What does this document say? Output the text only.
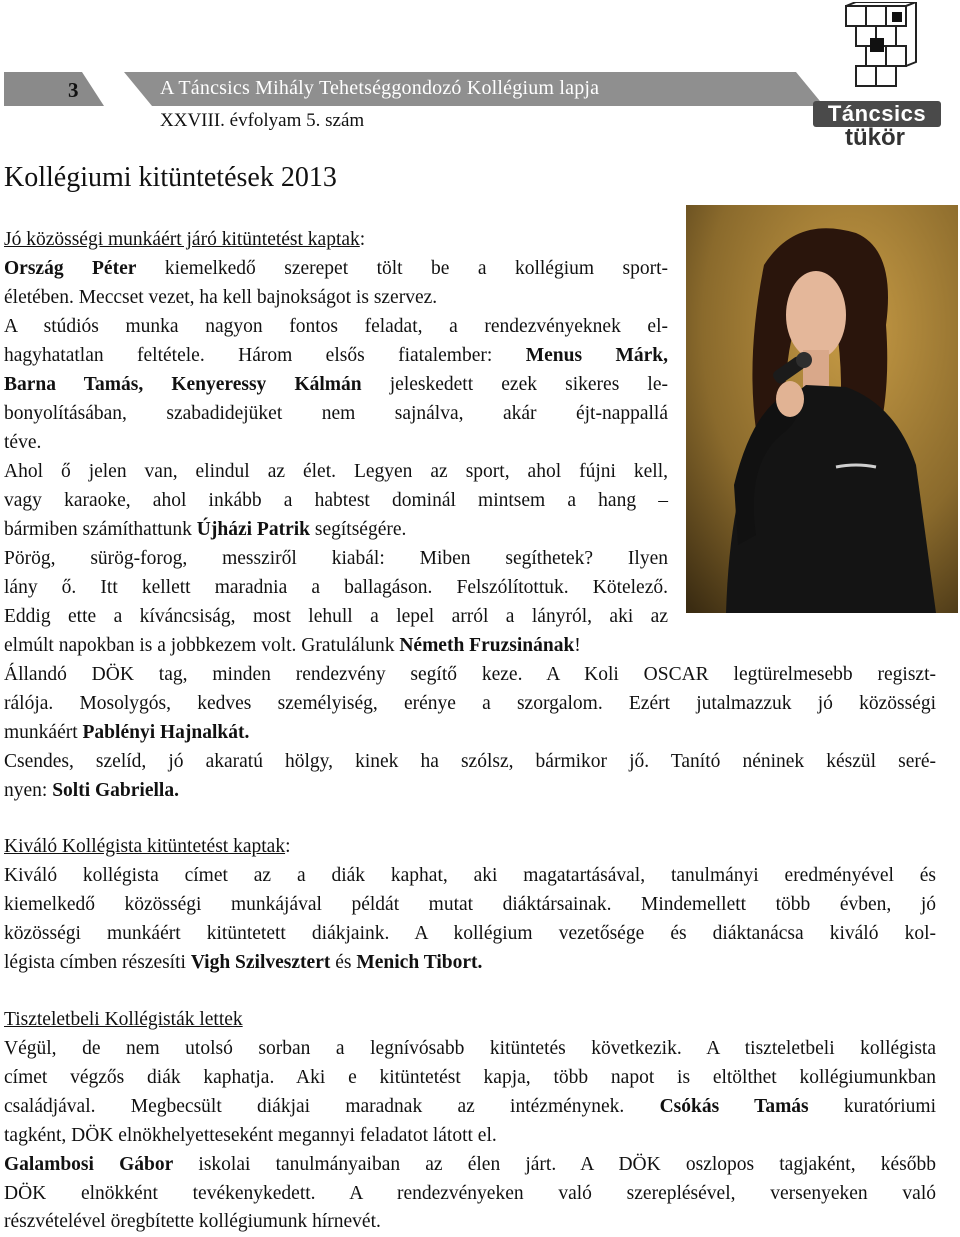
3	A Táncsics Mihály Tehetséggondozó Kollégium lapja
XXVIII. évfolyam 5. szám	Táncsics
tükör
Kollégiumi kitüntetések 2013
Jó közösségi munkáért járó kitüntetést kaptak:
Ország Péter kiemelkedő szerepet tölt be a kollégium sport-
életében. Meccset vezet, ha kell bajnokságot is szervez.
A stúdiós munka nagyon fontos feladat, a rendezvényeknek el-
hagyhatatlan feltétele. Három elsős fiatalember: Menus Márk,
Barna Tamás, Kenyeressy Kálmán jeleskedett ezek sikeres le-
bonyolításában, szabadidejüket nem sajnálva, akár éjt-nappallá
téve.
Ahol ő jelen van, elindul az élet. Legyen az sport, ahol fújni kell,
vagy karaoke, ahol inkább a habtest dominál mintsem a hang –
bármiben számíthattunk Újházi Patrik segítségére.
Pörög, sürög-forog, messziről kiabál: Miben segíthetek? Ilyen
lány ő. Itt kellett maradnia a ballagáson. Felszólítottuk. Kötelező.
Eddig ette a kíváncsiság, most lehull a lepel arról a lányról, aki az
elmúlt napokban is a jobbkezem volt. Gratulálunk Németh Fruzsinának!
Állandó DÖK tag, minden rendezvény segítő keze. A Koli OSCAR legtürelmesebb regiszt-
rálója. Mosolygós, kedves személyiség, erénye a szorgalom. Ezért jutalmazzuk jó közösségi
munkáért Pablényi Hajnalkát.
Csendes, szelíd, jó akaratú hölgy, kinek ha szólsz, bármikor jő. Tanító néninek készül seré-
nyen: Solti Gabriella.
Kiváló Kollégista kitüntetést kaptak:
Kiváló kollégista címet az a diák kaphat, aki magatartásával, tanulmányi eredményével és
kiemelkedő közösségi munkájával példát mutat diáktársainak. Mindemellett több évben, jó
közösségi munkáért kitüntetett diákjaink. A kollégium vezetősége és diáktanácsa kiváló kol-
légista címben részesíti Vigh Szilvesztert és Menich Tibort.
Tiszteletbeli Kollégisták lettek
Végül, de nem utolsó sorban a legnívósabb kitüntetés következik. A tiszteletbeli kollégista
címet végzős diák kaphatja. Aki e kitüntetést kapja, több napot is eltölthet kollégiumunkban
családjával. Megbecsült diákjai maradnak az intézménynek. Csókás Tamás kuratóriumi
tagként, DÖK elnökhelyetteseként megannyi feladatot látott el.
Galambosi Gábor iskolai tanulmányaiban az élen járt. A DÖK oszlopos tagjaként, később
DÖK elnökként tevékenykedett. A rendezvényeken való szereplésével, versenyeken való
részvételével öregbítette kollégiumunk hírnevét.
